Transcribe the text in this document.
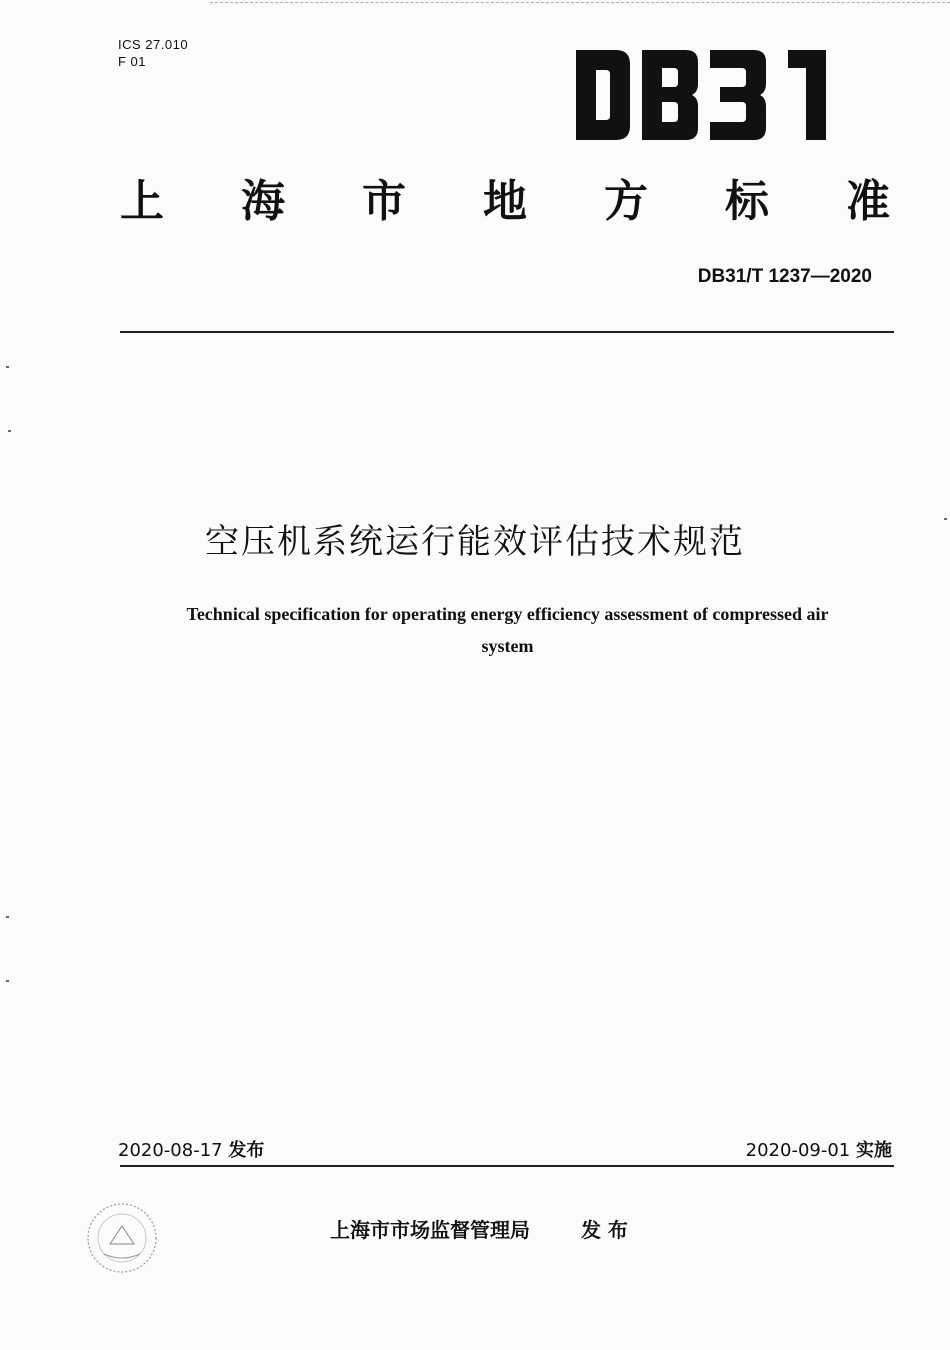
ICS 27.010
F 01
上 海 市 地 方 标 准
DB31/T 1237—2020
空压机系统运行能效评估技术规范
Technical specification for operating energy efficiency assessment of compressed air system
2020-08-17 发布	2020-09-01 实施
上海市市场监督管理局	发 布
